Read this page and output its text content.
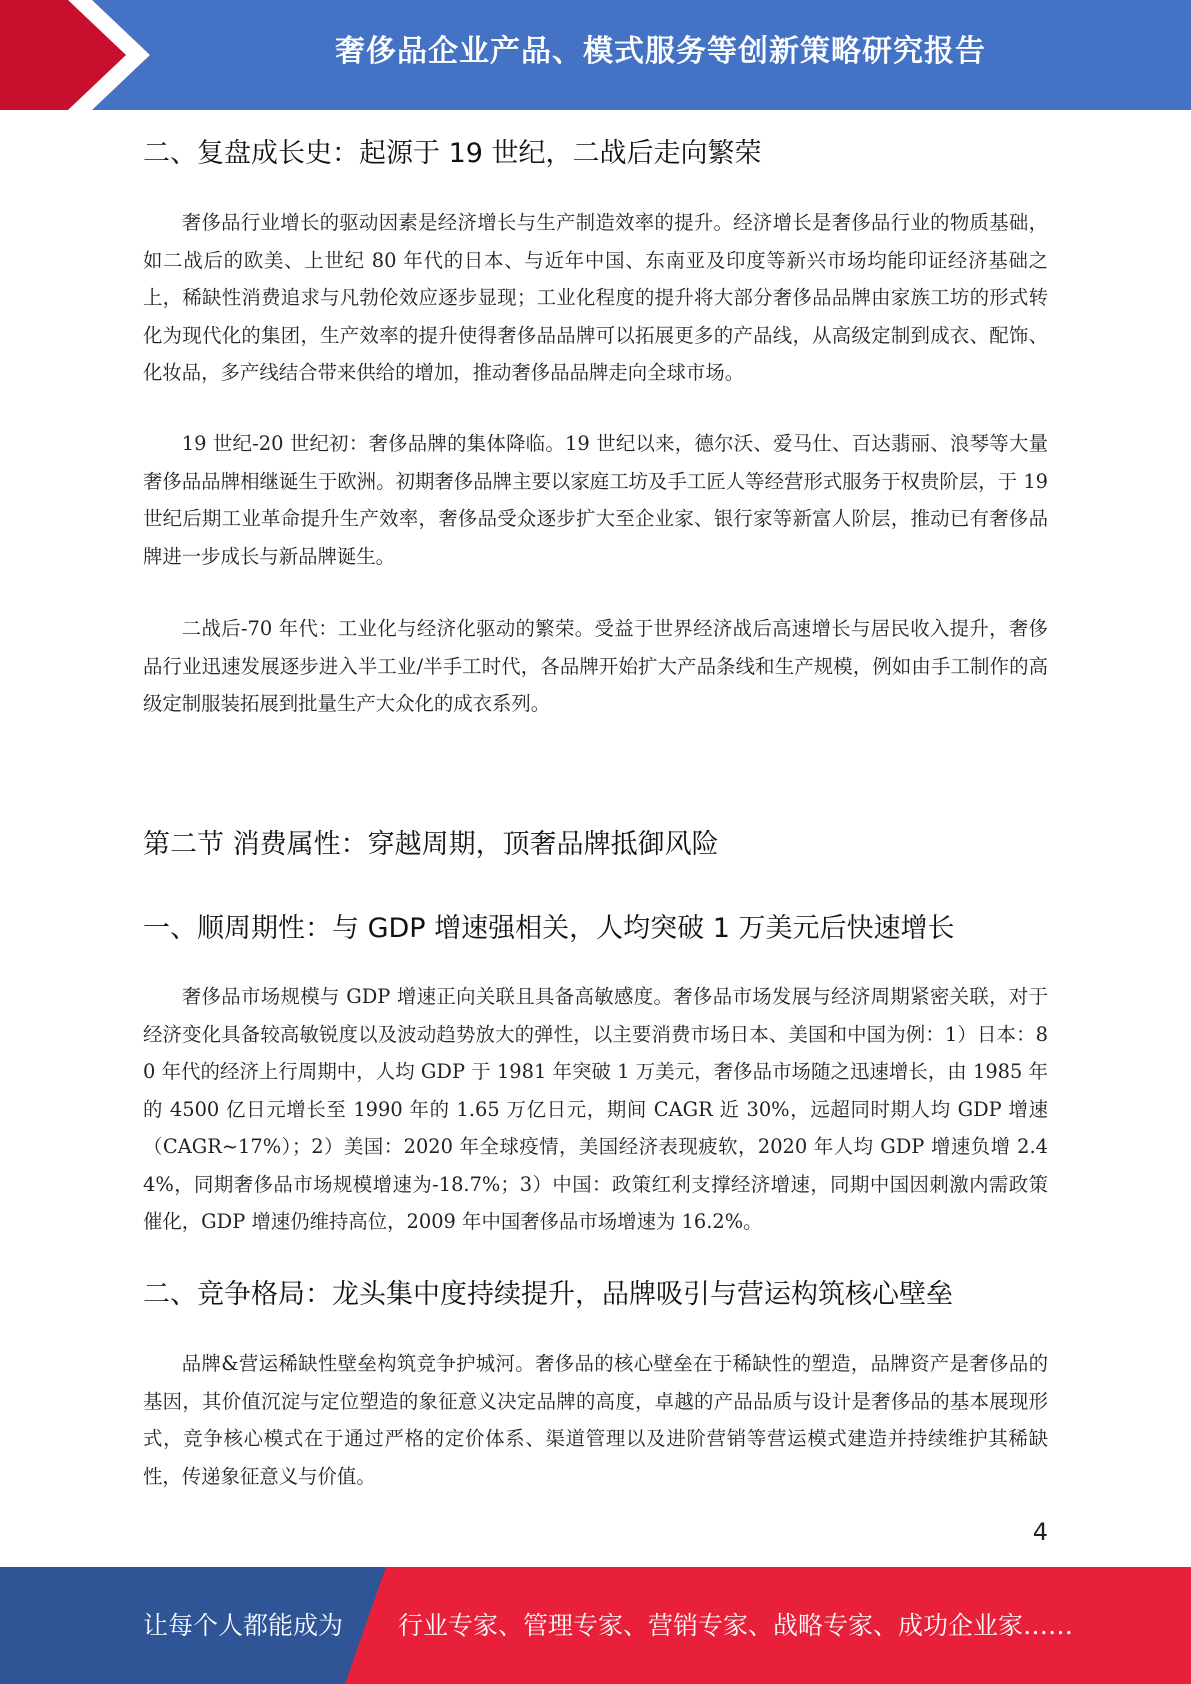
奢侈品企业产品、模式服务等创新策略研究报告
二、复盘成长史：起源于 19 世纪，二战后走向繁荣

奢侈品行业增长的驱动因素是经济增长与生产制造效率的提升。经济增长是奢侈品行业的物质基础，如二战后的欧美、上世纪 80 年代的日本、与近年中国、东南亚及印度等新兴市场均能印证经济基础之上，稀缺性消费追求与凡勃伦效应逐步显现；工业化程度的提升将大部分奢侈品品牌由家族工坊的形式转化为现代化的集团，生产效率的提升使得奢侈品品牌可以拓展更多的产品线，从高级定制到成衣、配饰、化妆品，多产线结合带来供给的增加，推动奢侈品品牌走向全球市场。

19 世纪-20 世纪初：奢侈品牌的集体降临。19 世纪以来，德尔沃、爱马仕、百达翡丽、浪琴等大量奢侈品品牌相继诞生于欧洲。初期奢侈品牌主要以家庭工坊及手工匠人等经营形式服务于权贵阶层，于 19 世纪后期工业革命提升生产效率，奢侈品受众逐步扩大至企业家、银行家等新富人阶层，推动已有奢侈品牌进一步成长与新品牌诞生。

二战后-70 年代：工业化与经济化驱动的繁荣。受益于世界经济战后高速增长与居民收入提升，奢侈品行业迅速发展逐步进入半工业/半手工时代，各品牌开始扩大产品条线和生产规模，例如由手工制作的高级定制服装拓展到批量生产大众化的成衣系列。

第二节 消费属性：穿越周期，顶奢品牌抵御风险
一、顺周期性：与 GDP 增速强相关，人均突破 1 万美元后快速增长

奢侈品市场规模与 GDP 增速正向关联且具备高敏感度。奢侈品市场发展与经济周期紧密关联，对于经济变化具备较高敏锐度以及波动趋势放大的弹性，以主要消费市场日本、美国和中国为例：1）日本：80 年代的经济上行周期中，人均 GDP 于 1981 年突破 1 万美元，奢侈品市场随之迅速增长，由 1985 年的 4500 亿日元增长至 1990 年的 1.65 万亿日元，期间 CAGR 近 30%，远超同时期人均 GDP 增速（CAGR~17%）；2）美国：2020 年全球疫情，美国经济表现疲软，2020 年人均 GDP 增速负增 2.44%，同期奢侈品市场规模增速为-18.7%；3）中国：政策红利支撑经济增速，同期中国因刺激内需政策催化，GDP 增速仍维持高位，2009 年中国奢侈品市场增速为 16.2%。

二、竞争格局：龙头集中度持续提升，品牌吸引与营运构筑核心壁垒

品牌&营运稀缺性壁垒构筑竞争护城河。奢侈品的核心壁垒在于稀缺性的塑造，品牌资产是奢侈品的基因，其价值沉淀与定位塑造的象征意义决定品牌的高度，卓越的产品品质与设计是奢侈品的基本展现形式，竞争核心模式在于通过严格的定价体系、渠道管理以及进阶营销等营运模式建造并持续维护其稀缺性，传递象征意义与价值。

4
让每个人都能成为 行业专家、管理专家、营销专家、战略专家、成功企业家……
